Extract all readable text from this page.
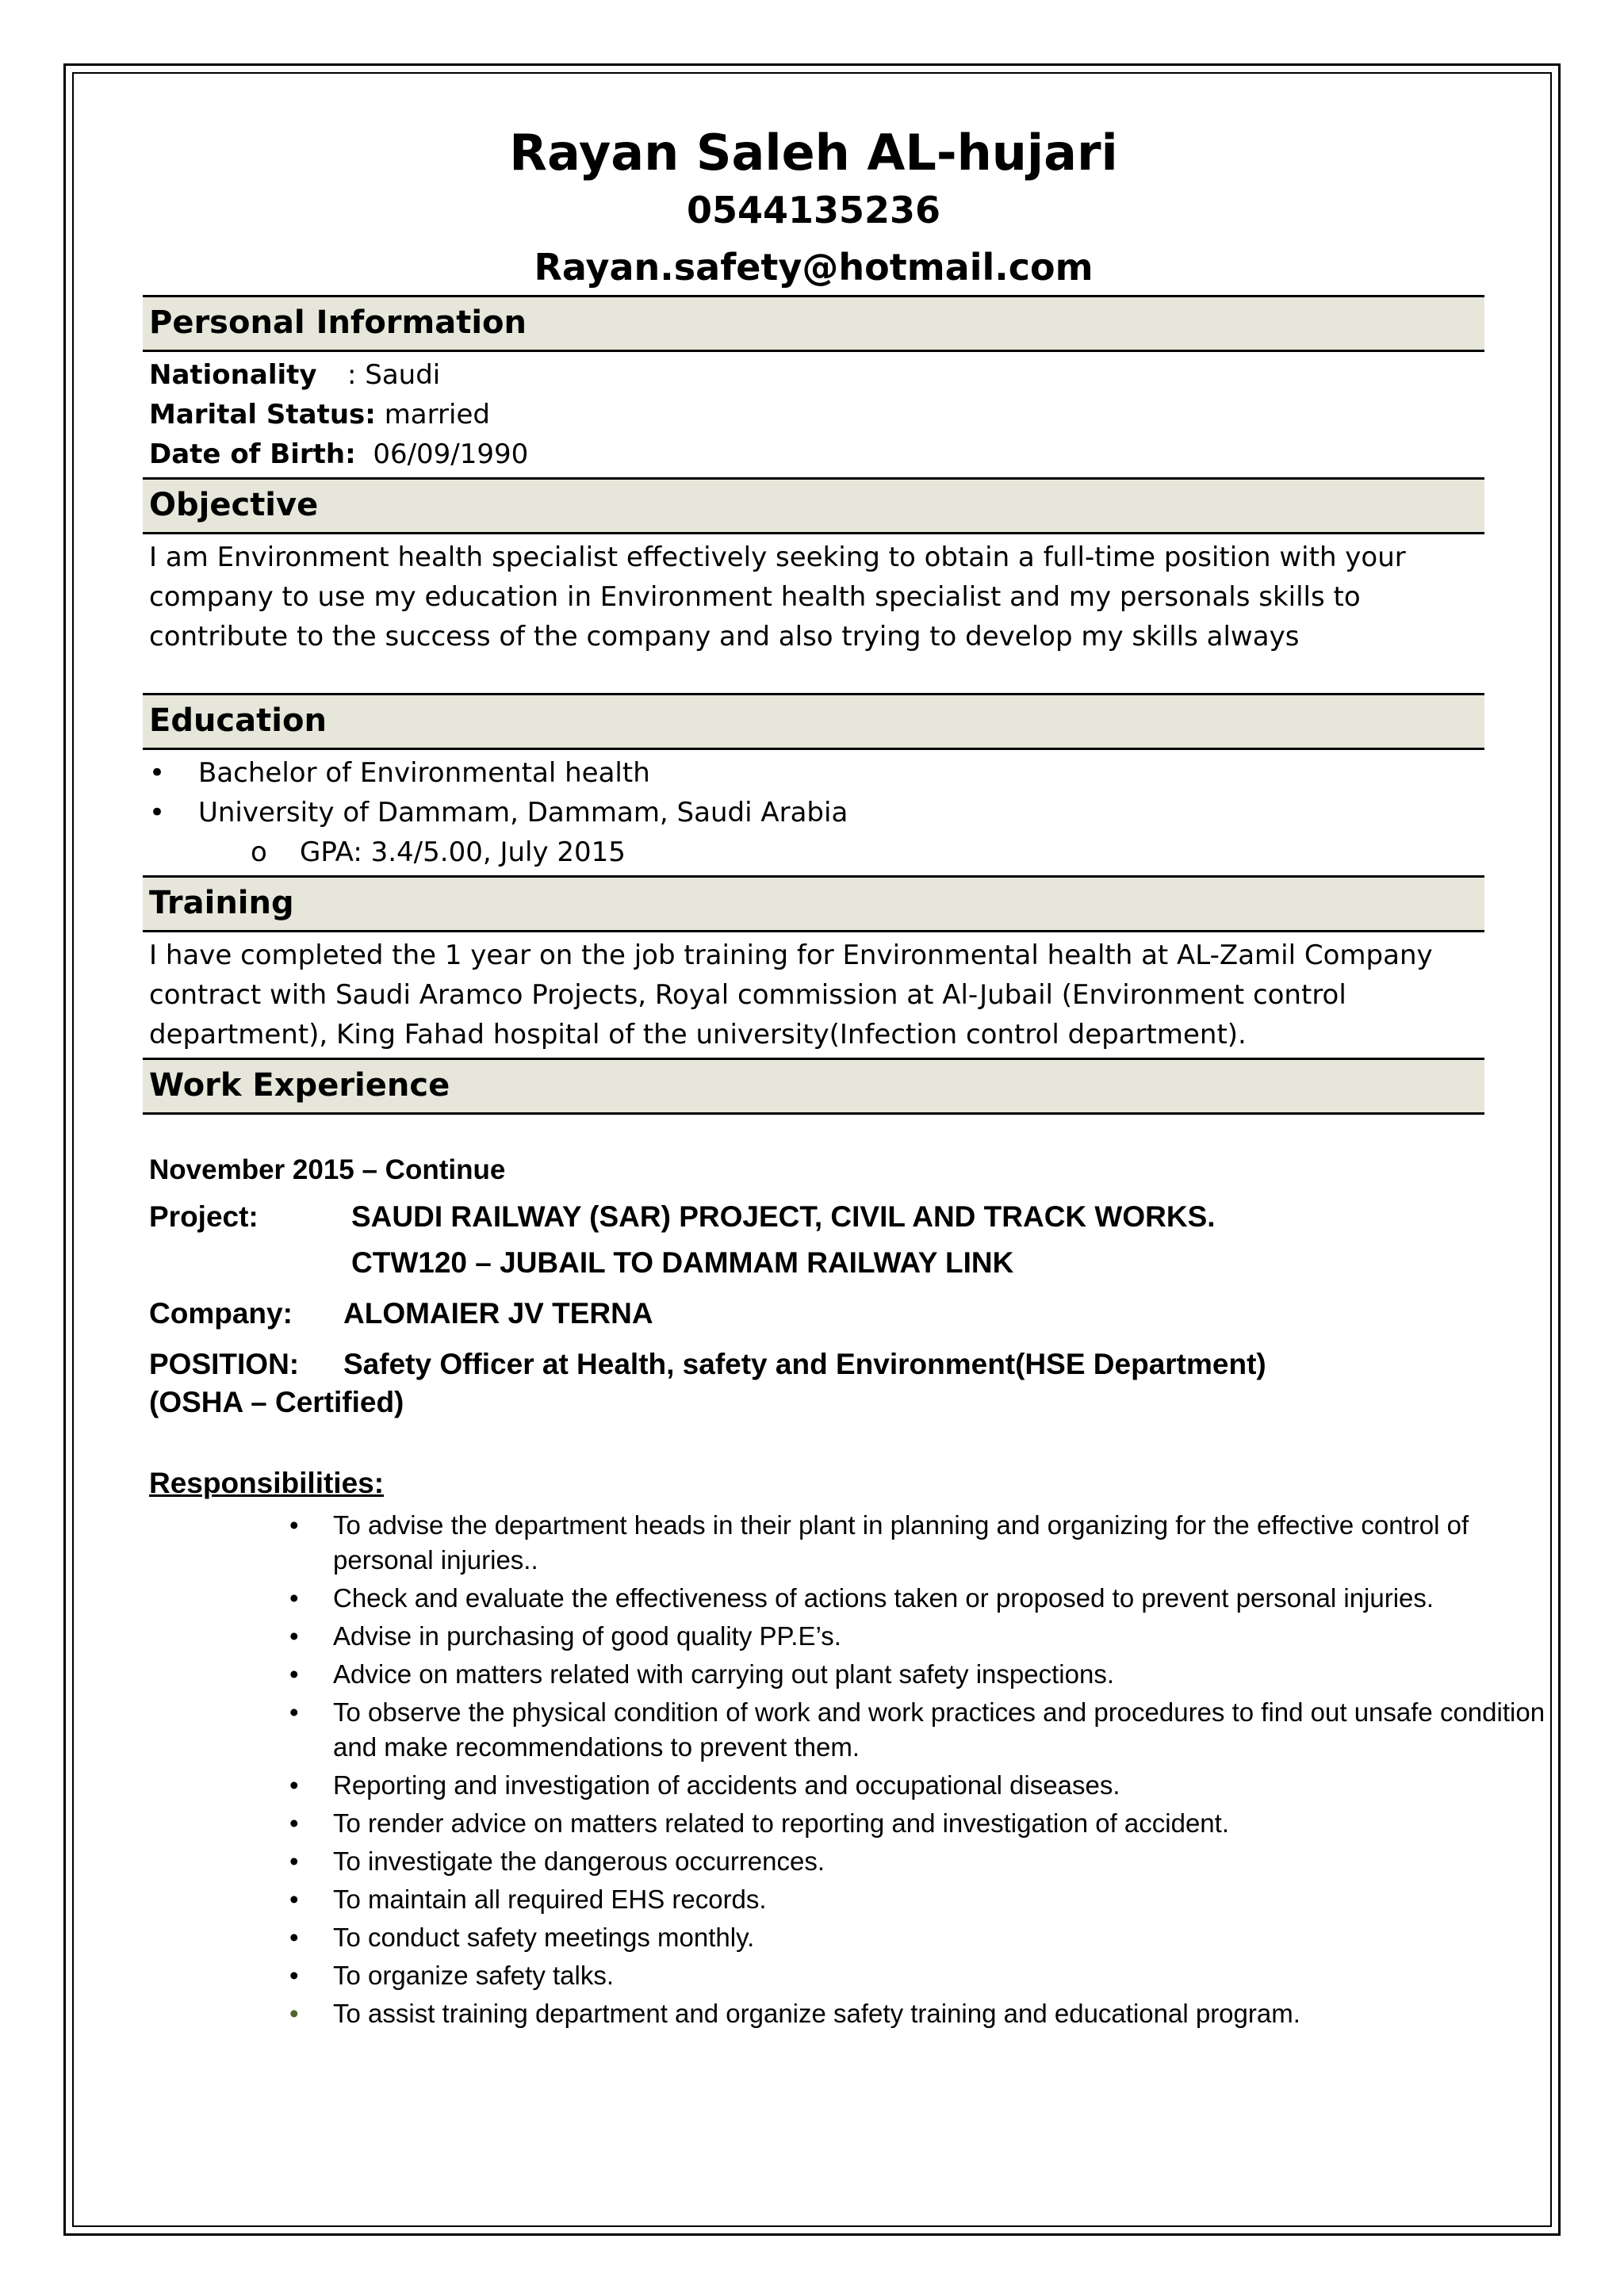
Rayan Saleh AL-hujari
0544135236
Rayan.safety@hotmail.com
Personal Information
Nationality : Saudi
Marital Status: married
Date of Birth: 06/09/1990
Objective
I am Environment health specialist effectively seeking to obtain a full-time position with your company to use my education in Environment health specialist and my personals skills to contribute to the success of the company and also trying to develop my skills always
Education
•	Bachelor of Environmental health
•	University of Dammam, Dammam, Saudi Arabia
o	GPA: 3.4/5.00, July 2015
Training
I have completed the 1 year on the job training for Environmental health at AL-Zamil Company contract with Saudi Aramco Projects, Royal commission at Al-Jubail (Environment control department), King Fahad hospital of the university(Infection control department).
Work Experience
November 2015 – Continue
Project:	SAUDI RAILWAY (SAR) PROJECT, CIVIL AND TRACK WORKS.
CTW120 – JUBAIL TO DAMMAM RAILWAY LINK
Company:	ALOMAIER JV TERNA
POSITION:	Safety Officer at Health, safety and Environment(HSE Department)
(OSHA – Certified)
Responsibilities:
• To advise the department heads in their plant in planning and organizing for the effective control of personal injuries..
• Check and evaluate the effectiveness of actions taken or proposed to prevent personal injuries.
• Advise in purchasing of good quality PP.E’s.
• Advice on matters related with carrying out plant safety inspections.
• To observe the physical condition of work and work practices and procedures to find out unsafe condition and make recommendations to prevent them.
• Reporting and investigation of accidents and occupational diseases.
• To render advice on matters related to reporting and investigation of accident.
• To investigate the dangerous occurrences.
• To maintain all required EHS records.
• To conduct safety meetings monthly.
• To organize safety talks.
• To assist training department and organize safety training and educational program.
